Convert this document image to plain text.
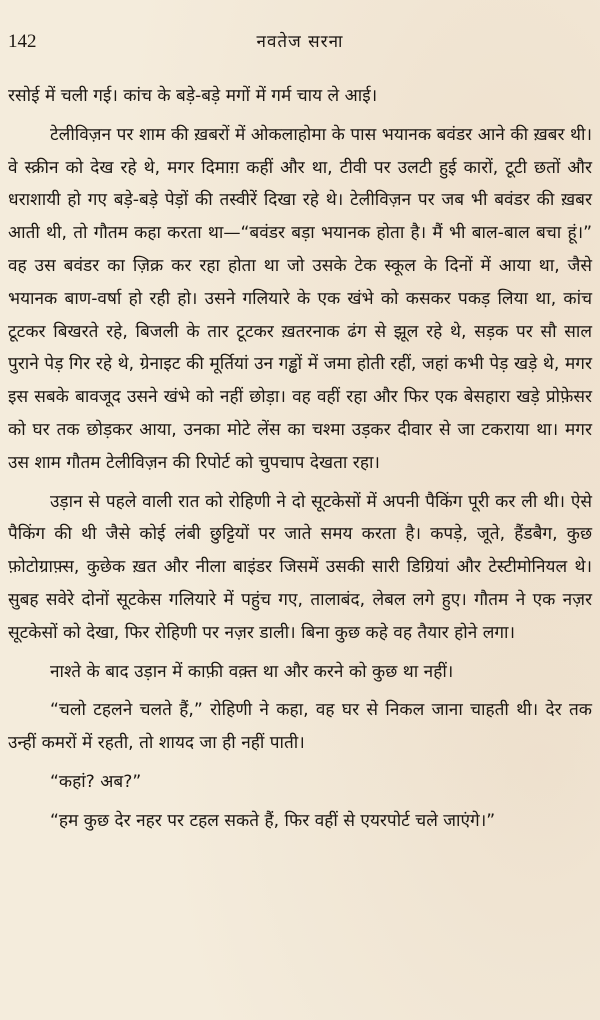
142	नवतेज सरना

रसोई में चली गई। कांच के बड़े-बड़े मगों में गर्म चाय ले आई।

टेलीविज़न पर शाम की ख़बरों में ओकलाहोमा के पास भयानक बवंडर आने की ख़बर थी। वे स्क्रीन को देख रहे थे, मगर दिमाग़ कहीं और था, टीवी पर उलटी हुई कारों, टूटी छतों और धराशायी हो गए बड़े-बड़े पेड़ों की तस्वीरें दिखा रहे थे। टेलीविज़न पर जब भी बवंडर की ख़बर आती थी, तो गौतम कहा करता था—“बवंडर बड़ा भयानक होता है। मैं भी बाल-बाल बचा हूं।” वह उस बवंडर का ज़िक्र कर रहा होता था जो उसके टेक स्कूल के दिनों में आया था, जैसे भयानक बाण-वर्षा हो रही हो। उसने गलियारे के एक खंभे को कसकर पकड़ लिया था, कांच टूटकर बिखरते रहे, बिजली के तार टूटकर ख़तरनाक ढंग से झूल रहे थे, सड़क पर सौ साल पुराने पेड़ गिर रहे थे, ग्रेनाइट की मूर्तियां उन गड्ढों में जमा होती रहीं, जहां कभी पेड़ खड़े थे, मगर इस सबके बावजूद उसने खंभे को नहीं छोड़ा। वह वहीं रहा और फिर एक बेसहारा खड़े प्रोफ़ेसर को घर तक छोड़कर आया, उनका मोटे लेंस का चश्मा उड़कर दीवार से जा टकराया था। मगर उस शाम गौतम टेलीविज़न की रिपोर्ट को चुपचाप देखता रहा।

उड़ान से पहले वाली रात को रोहिणी ने दो सूटकेसों में अपनी पैकिंग पूरी कर ली थी। ऐसे पैकिंग की थी जैसे कोई लंबी छुट्टियों पर जाते समय करता है। कपड़े, जूते, हैंडबैग, कुछ फ़ोटोग्राफ़्स, कुछेक ख़त और नीला बाइंडर जिसमें उसकी सारी डिग्रियां और टेस्टीमोनियल थे। सुबह सवेरे दोनों सूटकेस गलियारे में पहुंच गए, तालाबंद, लेबल लगे हुए। गौतम ने एक नज़र सूटकेसों को देखा, फिर रोहिणी पर नज़र डाली। बिना कुछ कहे वह तैयार होने लगा।

नाश्ते के बाद उड़ान में काफ़ी वक़्त था और करने को कुछ था नहीं।

“चलो टहलने चलते हैं,” रोहिणी ने कहा, वह घर से निकल जाना चाहती थी। देर तक उन्हीं कमरों में रहती, तो शायद जा ही नहीं पाती।

“कहां? अब?”

“हम कुछ देर नहर पर टहल सकते हैं, फिर वहीं से एयरपोर्ट चले जाएंगे।”
